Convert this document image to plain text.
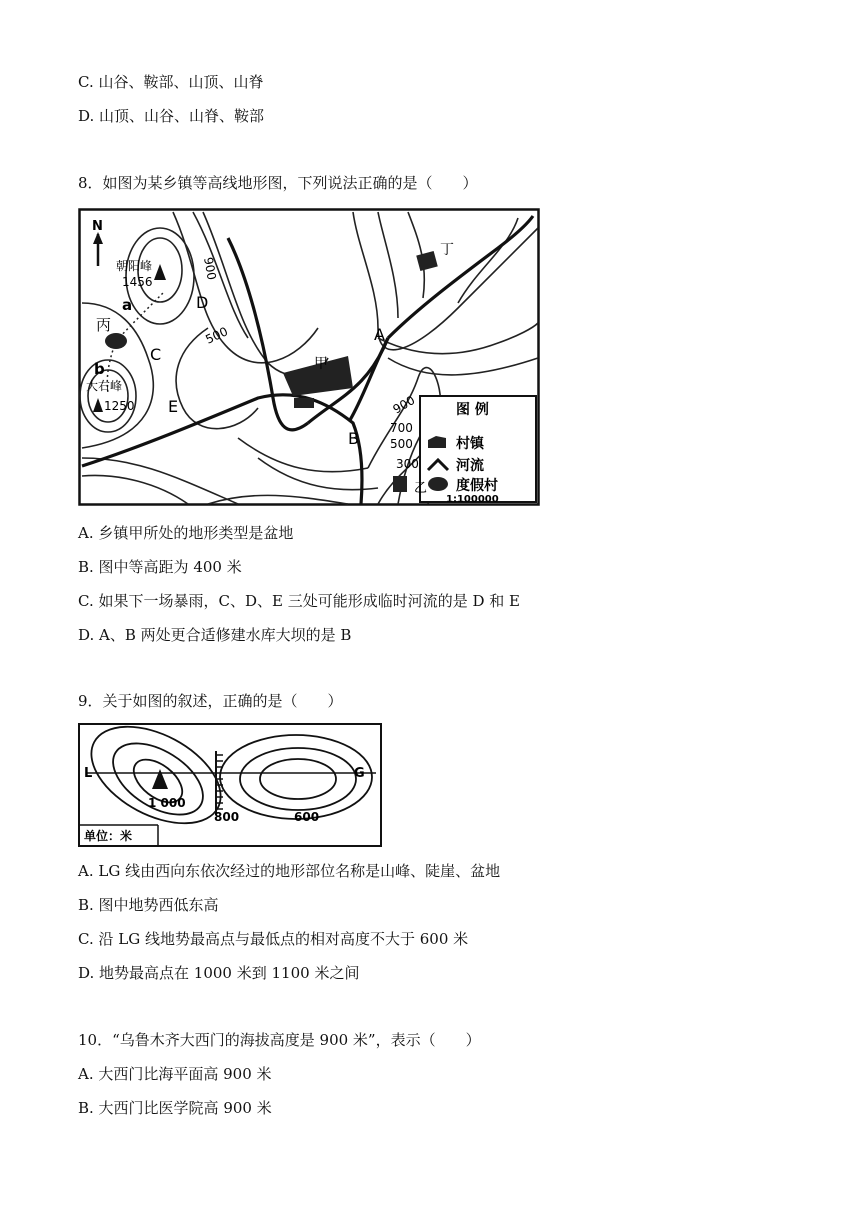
C. 山谷、鞍部、山顶、山脊
D. 山顶、山谷、山脊、鞍部
8．如图为某乡镇等高线地形图，下列说法正确的是（　　）
N
朝阳峰
1456
a
丙
b
大右峰
1250
D
C
E
900
500
甲
丁
A
B
900
700
500
300
乙
图 例
村镇
河流
度假村
1:100000
A. 乡镇甲所处的地形类型是盆地
B. 图中等高距为 400 米
C. 如果下一场暴雨，C、D、E 三处可能形成临时河流的是 D 和 E
D. A、B 两处更合适修建水库大坝的是 B
9．关于如图的叙述，正确的是（　　）
L	G
1 000
800	600
单位：米
A. LG 线由西向东依次经过的地形部位名称是山峰、陡崖、盆地
B. 图中地势西低东高
C. 沿 LG 线地势最高点与最低点的相对高度不大于 600 米
D. 地势最高点在 1000 米到 1100 米之间
10．“乌鲁木齐大西门的海拔高度是 900 米”，表示（　　）
A. 大西门比海平面高 900 米
B. 大西门比医学院高 900 米
